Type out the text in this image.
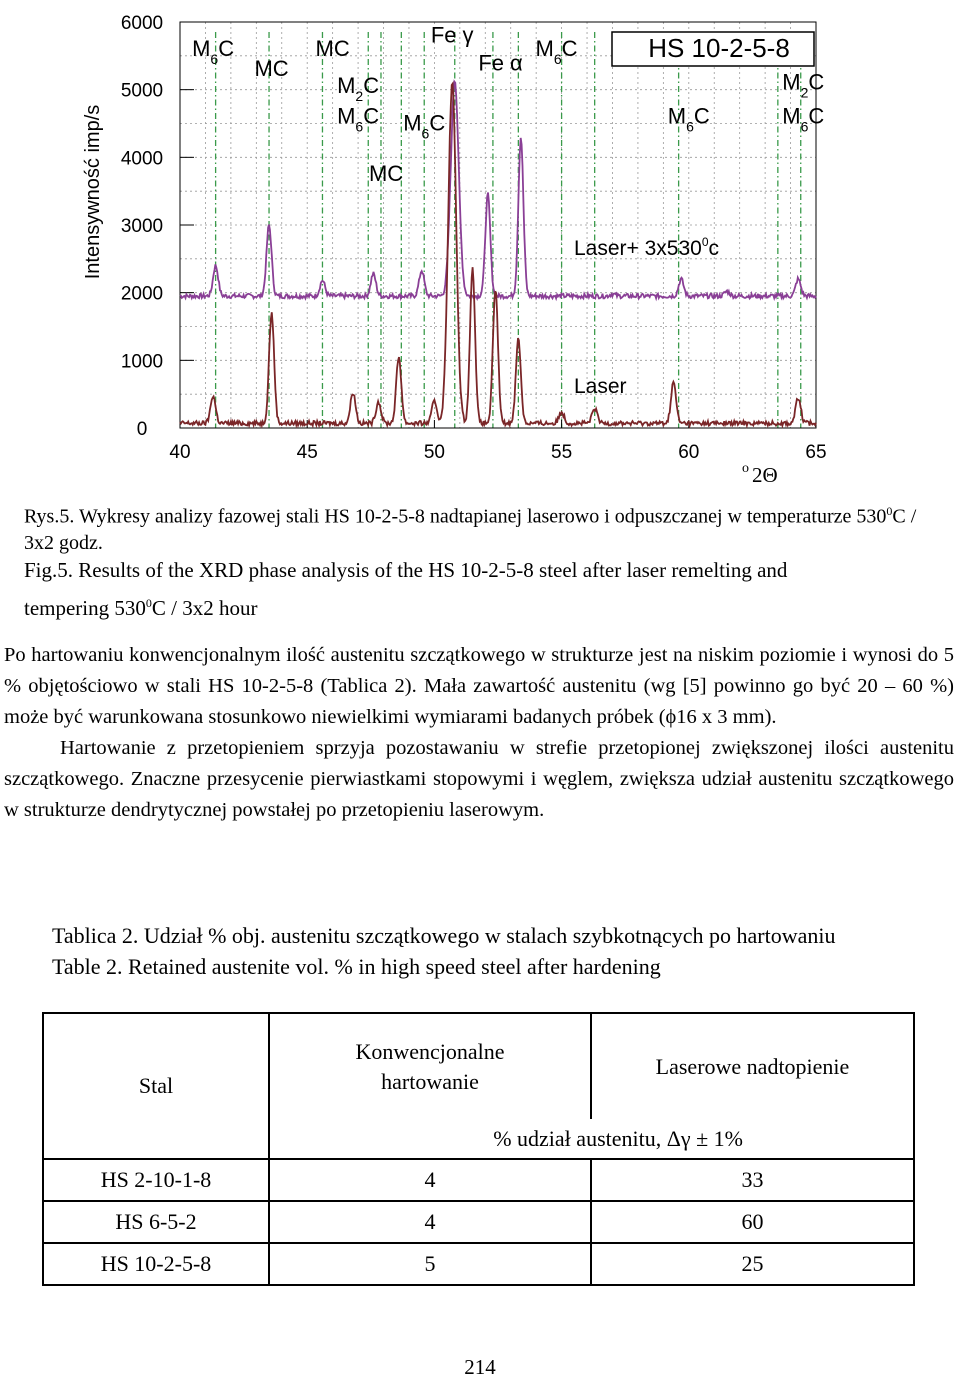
0
1000
2000
3000
4000
5000
6000
40	45	50	55	60	65
Laser+ $3x530^0c$
Laser
$M_6C$
MC
MC
$M_2C$
$M_6C$
MC
$M_6C$
Fe γ
Fe α
$M_6C$
$M_6C$
$M_2C$
$M_6C$
Intensywność imp/s
HS 10-2-5-8
o 2Θ
Rys.5. Wykresy analizy fazowej stali HS 10-2-5-8 nadtapianej laserowo i odpuszczanej w temperaturze $530^0C / 3x2$ godz.
Fig.5. Results of the XRD phase analysis of the HS 10-2-5-8 steel after laser remelting and tempering $530^0C / 3x2$ hour

Po hartowaniu konwencjonalnym ilość austenitu szczątkowego w strukturze jest na niskim poziomie i wynosi do 5 % objętościowo w stali HS 10-2-5-8 (Tablica 2). Mała zawartość austenitu (wg [5] powinno go być 20 – 60 %) może być warunkowana stosunkowo niewielkimi wymiarami badanych próbek (ϕ16 x 3 mm).

Hartowanie z przetopieniem sprzyja pozostawaniu w strefie przetopionej zwiększonej ilości austenitu szczątkowego. Znaczne przesycenie pierwiastkami stopowymi i węglem, zwiększa udział austenitu szczątkowego w strukturze dendrytycznej powstałej po przetopieniu laserowym.

Tablica 2. Udział % obj. austenitu szczątkowego w stalach szybkotnących po hartowaniu
Table 2. Retained austenite vol. % in high speed steel after hardening
Stal	Konwencjonalne hartowanie	Laserowe nadtopienie
	% udział austenitu, Δγ ± 1%	
HS 2-10-1-8	4	33
HS 6-5-2	4	60
HS 10-2-5-8	5	25
214
